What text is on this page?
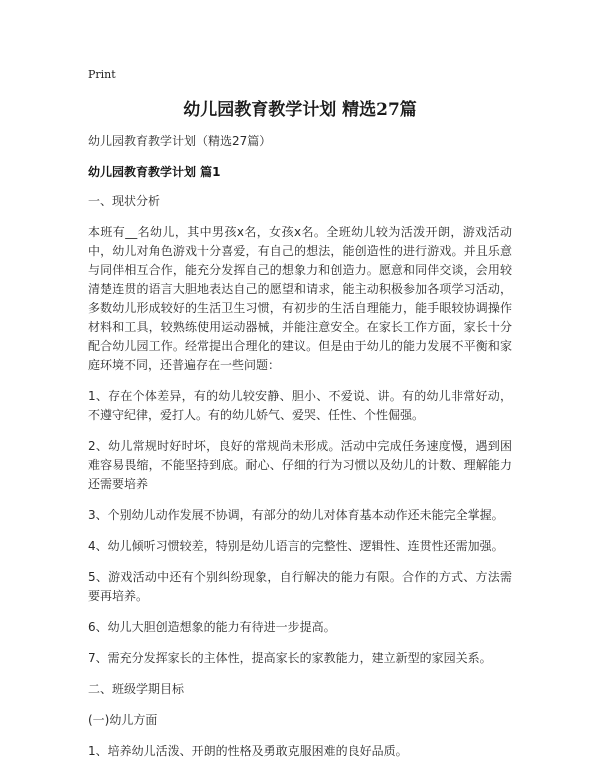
Print
幼儿园教育教学计划 精选27篇

幼儿园教育教学计划（精选27篇）

幼儿园教育教学计划 篇1

一、现状分析

本班有__名幼儿，其中男孩x名，女孩x名。全班幼儿较为活泼开朗，游戏活动中，幼儿对角色游戏十分喜爱，有自己的想法，能创造性的进行游戏。并且乐意与同伴相互合作，能充分发挥自己的想象力和创造力。愿意和同伴交谈，会用较清楚连贯的语言大胆地表达自己的愿望和请求，能主动积极参加各项学习活动，多数幼儿形成较好的生活卫生习惯，有初步的生活自理能力，能手眼较协调操作材料和工具，较熟练使用运动器械，并能注意安全。在家长工作方面，家长十分配合幼儿园工作。经常提出合理化的建议。但是由于幼儿的能力发展不平衡和家庭环境不同，还普遍存在一些问题：

1、存在个体差异，有的幼儿较安静、胆小、不爱说、讲。有的幼儿非常好动，不遵守纪律，爱打人。有的幼儿娇气、爱哭、任性、个性倔强。

2、幼儿常规时好时坏，良好的常规尚未形成。活动中完成任务速度慢，遇到困难容易畏缩，不能坚持到底。耐心、仔细的行为习惯以及幼儿的计数、理解能力还需要培养

3、个别幼儿动作发展不协调，有部分的幼儿对体育基本动作还未能完全掌握。

4、幼儿倾听习惯较差，特别是幼儿语言的完整性、逻辑性、连贯性还需加强。

5、游戏活动中还有个别纠纷现象，自行解决的能力有限。合作的方式、方法需要再培养。

6、幼儿大胆创造想象的能力有待进一步提高。

7、需充分发挥家长的主体性，提高家长的家教能力，建立新型的家园关系。

二、班级学期目标

(一)幼儿方面

1、培养幼儿活泼、开朗的性格及勇敢克服困难的良好品质。
